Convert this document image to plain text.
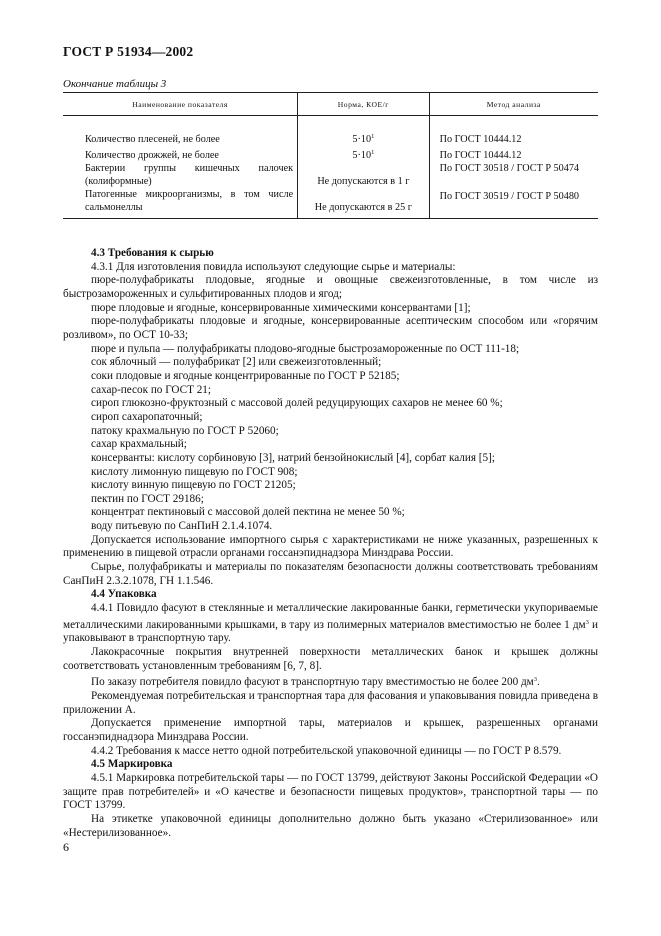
ГОСТ Р 51934—2002
Окончание таблицы 3
Наименование показателя	Норма, КОЕ/г	Метод анализа
Количество плесеней, не более	$5\cdot 10^1$	По ГОСТ 10444.12
Количество дрожжей, не более	$5\cdot 10^1$	По ГОСТ 10444.12
Бактерии группы кишечных палочек (колиформные)	Не допускаются в 1 г	По ГОСТ 30518 / ГОСТ Р 50474
Патогенные микроорганизмы, в том числе сальмонеллы	Не допускаются в 25 г	По ГОСТ 30519 / ГОСТ Р 50480

4.3 Требования к сырью

4.3.1 Для изготовления повидла используют следующие сырье и материалы:

пюре-полуфабрикаты плодовые, ягодные и овощные свежеизготовленные, в том числе из быстрозамороженных и сульфитированных плодов и ягод;

пюре плодовые и ягодные, консервированные химическими консервантами [1];

пюре-полуфабрикаты плодовые и ягодные, консервированные асептическим способом или «горячим розливом», по ОСТ 10-33;

пюре и пульпа — полуфабрикаты плодово-ягодные быстрозамороженные по ОСТ 111-18;

сок яблочный — полуфабрикат [2] или свежеизготовленный;

соки плодовые и ягодные концентрированные по ГОСТ Р 52185;

сахар-песок по ГОСТ 21;

сироп глюкозно-фруктозный с массовой долей редуцирующих сахаров не менее 60 %;

сироп сахаропаточный;

патоку крахмальную по ГОСТ Р 52060;

сахар крахмальный;

консерванты: кислоту сорбиновую [3], натрий бензойнокислый [4], сорбат калия [5];

кислоту лимонную пищевую по ГОСТ 908;

кислоту винную пищевую по ГОСТ 21205;

пектин по ГОСТ 29186;

концентрат пектиновый с массовой долей пектина не менее 50 %;

воду питьевую по СанПиН 2.1.4.1074.

Допускается использование импортного сырья с характеристиками не ниже указанных, разрешенных к применению в пищевой отрасли органами госсанэпиднадзора Минздрава России.

Сырье, полуфабрикаты и материалы по показателям безопасности должны соответствовать требованиям СанПиН 2.3.2.1078, ГН 1.1.546.

4.4 Упаковка

4.4.1 Повидло фасуют в стеклянные и металлические лакированные банки, герметически укупориваемые металлическими лакированными крышками, в тару из полимерных материалов вместимостью не более 1 $дм^3$ и упаковывают в транспортную тару.

Лакокрасочные покрытия внутренней поверхности металлических банок и крышек должны соответствовать установленным требованиям [6, 7, 8].

По заказу потребителя повидло фасуют в транспортную тару вместимостью не более 200 $дм^3$.

Рекомендуемая потребительская и транспортная тара для фасования и упаковывания повидла приведена в приложении А.

Допускается применение импортной тары, материалов и крышек, разрешенных органами госсанэпиднадзора Минздрава России.

4.4.2 Требования к массе нетто одной потребительской упаковочной единицы — по ГОСТ Р 8.579.

4.5 Маркировка

4.5.1 Маркировка потребительской тары — по ГОСТ 13799, действуют Законы Российской Федерации «О защите прав потребителей» и «О качестве и безопасности пищевых продуктов», транспортной тары — по ГОСТ 13799.

На этикетке упаковочной единицы дополнительно должно быть указано «Стерилизованное» или «Нестерилизованное».

6
